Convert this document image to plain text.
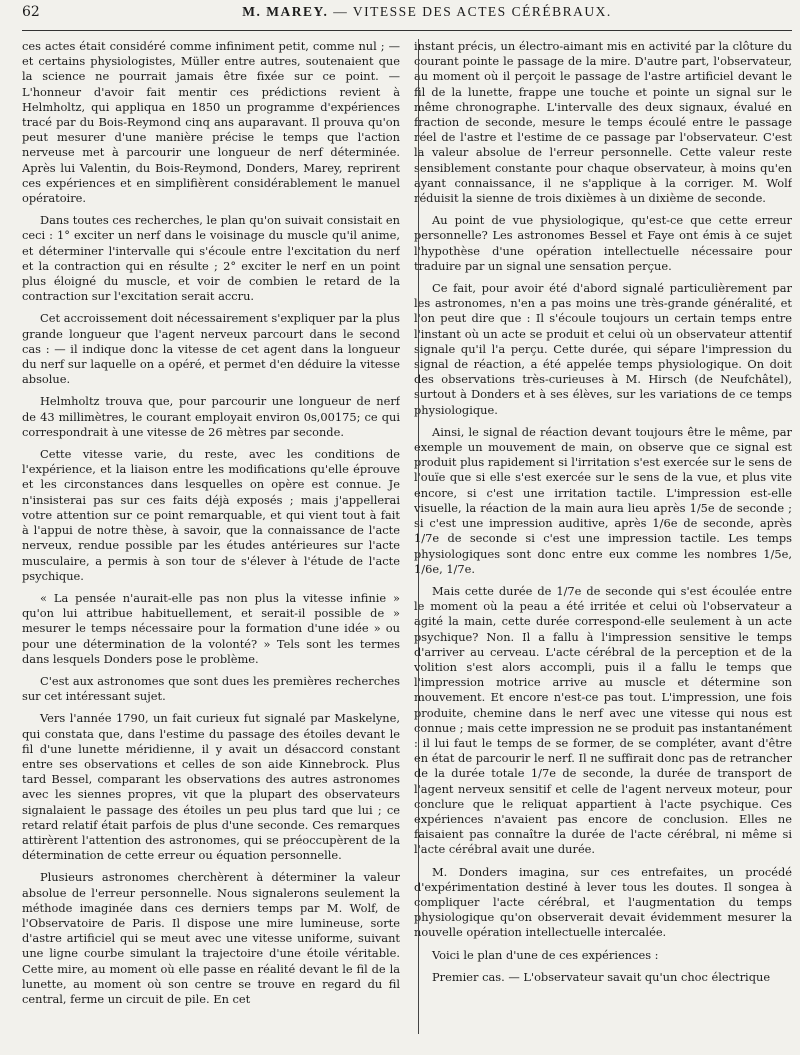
62	M. MAREY. — VITESSE DES ACTES CÉRÉBRAUX.

ces actes était considéré comme infiniment petit, comme nul ; — et certains physiologistes, Müller entre autres, soutenaient que la science ne pourrait jamais être fixée sur ce point. — L'honneur d'avoir fait mentir ces prédictions revient à Helmholtz, qui appliqua en 1850 un programme d'expériences tracé par du Bois-Reymond cinq ans auparavant. Il prouva qu'on peut mesurer d'une manière précise le temps que l'action nerveuse met à parcourir une longueur de nerf déterminée. Après lui Valentin, du Bois-Reymond, Donders, Marey, reprirent ces expériences et en simplifièrent considérablement le manuel opératoire.

Dans toutes ces recherches, le plan qu'on suivait consistait en ceci : 1° exciter un nerf dans le voisinage du muscle qu'il anime, et déterminer l'intervalle qui s'écoule entre l'excitation du nerf et la contraction qui en résulte ; 2° exciter le nerf en un point plus éloigné du muscle, et voir de combien le retard de la contraction sur l'excitation serait accru.

Cet accroissement doit nécessairement s'expliquer par la plus grande longueur que l'agent nerveux parcourt dans le second cas : — il indique donc la vitesse de cet agent dans la longueur du nerf sur laquelle on a opéré, et permet d'en déduire la vitesse absolue.

Helmholtz trouva que, pour parcourir une longueur de nerf de 43 millimètres, le courant employait environ 0s,00175; ce qui correspondrait à une vitesse de 26 mètres par seconde.

Cette vitesse varie, du reste, avec les conditions de l'expérience, et la liaison entre les modifications qu'elle éprouve et les circonstances dans lesquelles on opère est connue. Je n'insisterai pas sur ces faits déjà exposés ; mais j'appellerai votre attention sur ce point remarquable, et qui vient tout à fait à l'appui de notre thèse, à savoir, que la connaissance de l'acte nerveux, rendue possible par les études antérieures sur l'acte musculaire, a permis à son tour de s'élever à l'étude de l'acte psychique.

« La pensée n'aurait-elle pas non plus la vitesse infinie » qu'on lui attribue habituellement, et serait-il possible de » mesurer le temps nécessaire pour la formation d'une idée » ou pour une détermination de la volonté? » Tels sont les termes dans lesquels Donders pose le problème.

C'est aux astronomes que sont dues les premières recherches sur cet intéressant sujet.

Vers l'année 1790, un fait curieux fut signalé par Maskelyne, qui constata que, dans l'estime du passage des étoiles devant le fil d'une lunette méridienne, il y avait un désaccord constant entre ses observations et celles de son aide Kinnebrock. Plus tard Bessel, comparant les observations des autres astronomes avec les siennes propres, vit que la plupart des observateurs signalaient le passage des étoiles un peu plus tard que lui ; ce retard relatif était parfois de plus d'une seconde. Ces remarques attirèrent l'attention des astronomes, qui se préoccupèrent de la détermination de cette erreur ou équation personnelle.

Plusieurs astronomes cherchèrent à déterminer la valeur absolue de l'erreur personnelle. Nous signalerons seulement la méthode imaginée dans ces derniers temps par M. Wolf, de l'Observatoire de Paris. Il dispose une mire lumineuse, sorte d'astre artificiel qui se meut avec une vitesse uniforme, suivant une ligne courbe simulant la trajectoire d'une étoile véritable. Cette mire, au moment où elle passe en réalité devant le fil de la lunette, au moment où son centre se trouve en regard du fil central, ferme un circuit de pile. En cet

instant précis, un électro-aimant mis en activité par la clôture du courant pointe le passage de la mire. D'autre part, l'observateur, au moment où il perçoit le passage de l'astre artificiel devant le fil de la lunette, frappe une touche et pointe un signal sur le même chronographe. L'intervalle des deux signaux, évalué en fraction de seconde, mesure le temps écoulé entre le passage réel de l'astre et l'estime de ce passage par l'observateur. C'est la valeur absolue de l'erreur personnelle. Cette valeur reste sensiblement constante pour chaque observateur, à moins qu'en ayant connaissance, il ne s'applique à la corriger. M. Wolf réduisit la sienne de trois dixièmes à un dixième de seconde.

Au point de vue physiologique, qu'est-ce que cette erreur personnelle? Les astronomes Bessel et Faye ont émis à ce sujet l'hypothèse d'une opération intellectuelle nécessaire pour traduire par un signal une sensation perçue.

Ce fait, pour avoir été d'abord signalé particulièrement par les astronomes, n'en a pas moins une très-grande généralité, et l'on peut dire que : Il s'écoule toujours un certain temps entre l'instant où un acte se produit et celui où un observateur attentif signale qu'il l'a perçu. Cette durée, qui sépare l'impression du signal de réaction, a été appelée temps physiologique. On doit des observations très-curieuses à M. Hirsch (de Neufchâtel), surtout à Donders et à ses élèves, sur les variations de ce temps physiologique.

Ainsi, le signal de réaction devant toujours être le même, par exemple un mouvement de main, on observe que ce signal est produit plus rapidement si l'irritation s'est exercée sur le sens de l'ouïe que si elle s'est exercée sur le sens de la vue, et plus vite encore, si c'est une irritation tactile. L'impression est-elle visuelle, la réaction de la main aura lieu après 1/5e de seconde ; si c'est une impression auditive, après 1/6e de seconde, après 1/7e de seconde si c'est une impression tactile. Les temps physiologiques sont donc entre eux comme les nombres 1/5e, 1/6e, 1/7e.

Mais cette durée de 1/7e de seconde qui s'est écoulée entre le moment où la peau a été irritée et celui où l'observateur a agité la main, cette durée correspond-elle seulement à un acte psychique? Non. Il a fallu à l'impression sensitive le temps d'arriver au cerveau. L'acte cérébral de la perception et de la volition s'est alors accompli, puis il a fallu le temps que l'impression motrice arrive au muscle et détermine son mouvement. Et encore n'est-ce pas tout. L'impression, une fois produite, chemine dans le nerf avec une vitesse qui nous est connue ; mais cette impression ne se produit pas instantanément : il lui faut le temps de se former, de se compléter, avant d'être en état de parcourir le nerf. Il ne suffirait donc pas de retrancher de la durée totale 1/7e de seconde, la durée de transport de l'agent nerveux sensitif et celle de l'agent nerveux moteur, pour conclure que le reliquat appartient à l'acte psychique. Ces expériences n'avaient pas encore de conclusion. Elles ne faisaient pas connaître la durée de l'acte cérébral, ni même si l'acte cérébral avait une durée.

M. Donders imagina, sur ces entrefaites, un procédé d'expérimentation destiné à lever tous les doutes. Il songea à compliquer l'acte cérébral, et l'augmentation du temps physiologique qu'on observerait devait évidemment mesurer la nouvelle opération intellectuelle intercalée.

Voici le plan d'une de ces expériences :

Premier cas. — L'observateur savait qu'un choc électrique
